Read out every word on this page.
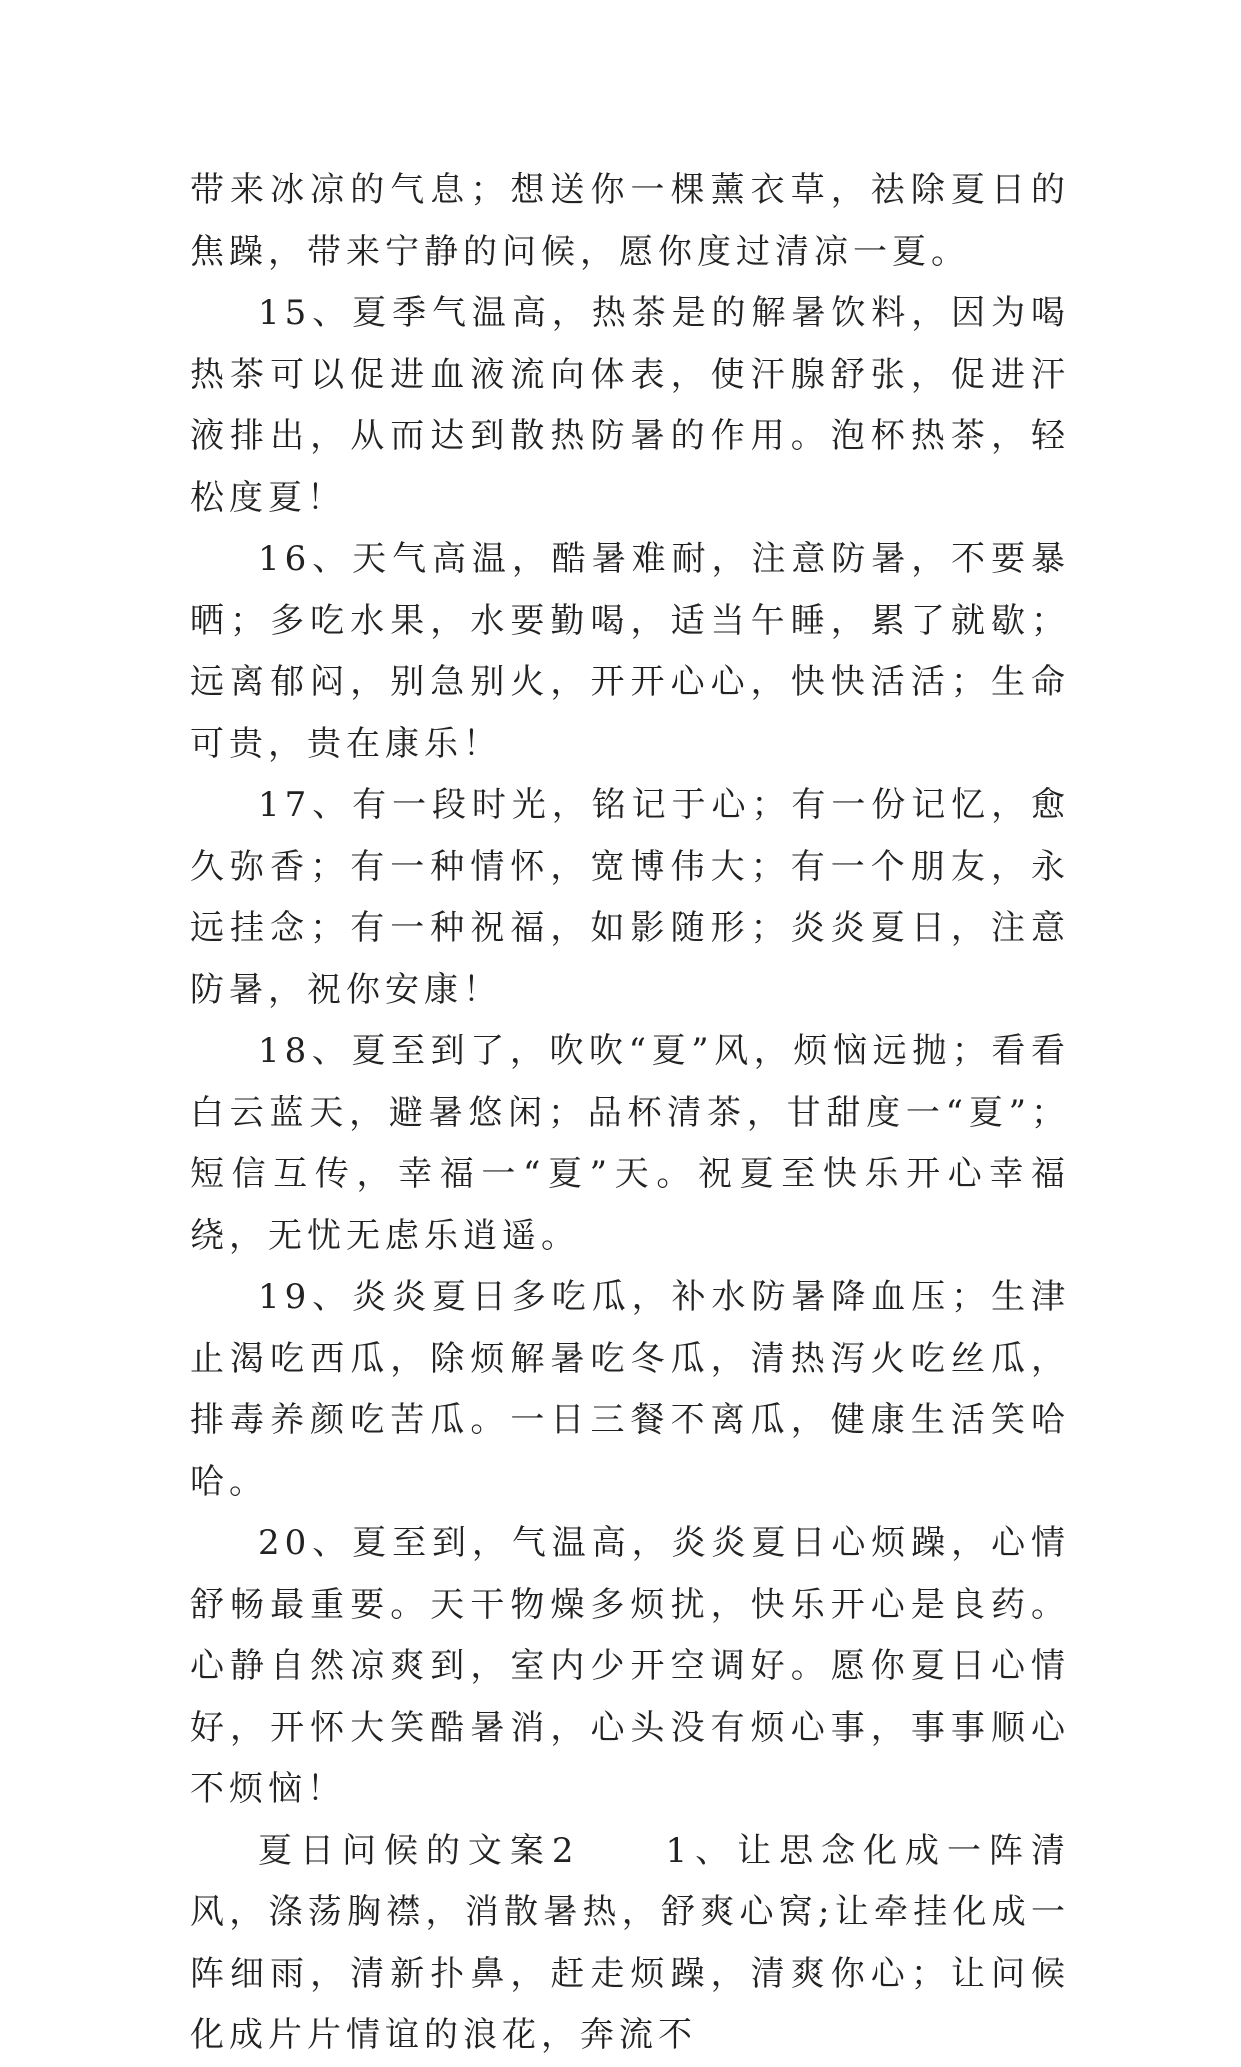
带来冰凉的气息；想送你一棵薰衣草，祛除夏日的焦躁，带来宁静的问候，愿你度过清凉一夏。

15、夏季气温高，热茶是的解暑饮料，因为喝热茶可以促进血液流向体表，使汗腺舒张，促进汗液排出，从而达到散热防暑的作用。泡杯热茶，轻松度夏！

16、天气高温，酷暑难耐，注意防暑，不要暴晒；多吃水果，水要勤喝，适当午睡，累了就歇；远离郁闷，别急别火，开开心心，快快活活；生命可贵，贵在康乐！

17、有一段时光，铭记于心；有一份记忆，愈久弥香；有一种情怀，宽博伟大；有一个朋友，永远挂念；有一种祝福，如影随形；炎炎夏日，注意防暑，祝你安康！

18、夏至到了，吹吹“夏”风，烦恼远抛；看看白云蓝天，避暑悠闲；品杯清茶，甘甜度一“夏”；短信互传，幸福一“夏”天。祝夏至快乐开心幸福绕，无忧无虑乐逍遥。

19、炎炎夏日多吃瓜，补水防暑降血压；生津止渴吃西瓜，除烦解暑吃冬瓜，清热泻火吃丝瓜，排毒养颜吃苦瓜。一日三餐不离瓜，健康生活笑哈哈。

20、夏至到，气温高，炎炎夏日心烦躁，心情舒畅最重要。天干物燥多烦扰，快乐开心是良药。心静自然凉爽到，室内少开空调好。愿你夏日心情好，开怀大笑酷暑消，心头没有烦心事，事事顺心不烦恼！

夏日问候的文案2　　1、让思念化成一阵清风，涤荡胸襟，消散暑热，舒爽心窝;让牵挂化成一阵细雨，清新扑鼻，赶走烦躁，清爽你心；让问候化成片片情谊的浪花，奔流不
